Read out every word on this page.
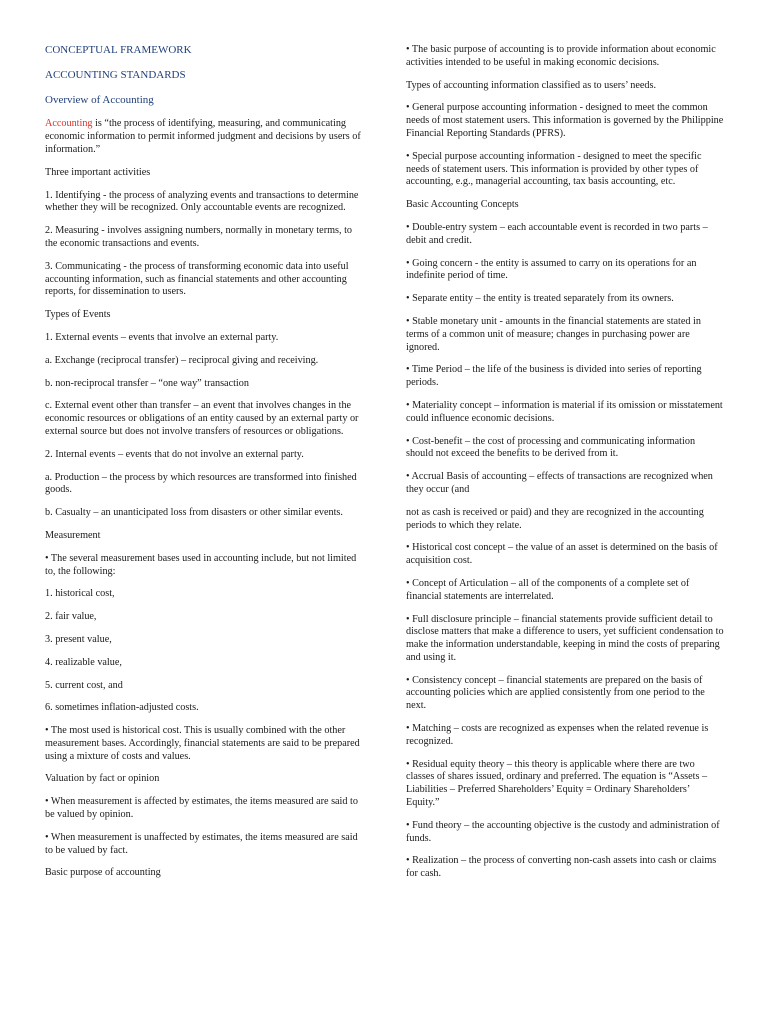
CONCEPTUAL FRAMEWORK

ACCOUNTING STANDARDS

Overview of Accounting

Accounting is “the process of identifying, measuring, and communicating economic information to permit informed judgment and decisions by users of information.”

Three important activities

1. Identifying - the process of analyzing events and transactions to determine whether they will be recognized. Only accountable events are recognized.

2. Measuring - involves assigning numbers, normally in monetary terms, to the economic transactions and events.

3. Communicating - the process of transforming economic data into useful accounting information, such as financial statements and other accounting reports, for dissemination to users.

Types of Events

1. External events – events that involve an external party.

a. Exchange (reciprocal transfer) – reciprocal giving and receiving.

b. non-reciprocal transfer – “one way” transaction

c. External event other than transfer – an event that involves changes in the economic resources or obligations of an entity caused by an external party or external source but does not involve transfers of resources or obligations.

2. Internal events – events that do not involve an external party.

a. Production – the process by which resources are transformed into finished goods.

b. Casualty – an unanticipated loss from disasters or other similar events.

Measurement

• The several measurement bases used in accounting include, but not limited to, the following:

1. historical cost,

2. fair value,

3. present value,

4. realizable value,

5. current cost, and

6. sometimes inflation-adjusted costs.

• The most used is historical cost. This is usually combined with the other measurement bases. Accordingly, financial statements are said to be prepared using a mixture of costs and values.

Valuation by fact or opinion

• When measurement is affected by estimates, the items measured are said to be valued by opinion.

• When measurement is unaffected by estimates, the items measured are said to be valued by fact.

Basic purpose of accounting

• The basic purpose of accounting is to provide information about economic activities intended to be useful in making economic decisions.

Types of accounting information classified as to users’ needs.

• General purpose accounting information - designed to meet the common needs of most statement users. This information is governed by the Philippine Financial Reporting Standards (PFRS).

• Special purpose accounting information - designed to meet the specific needs of statement users. This information is provided by other types of accounting, e.g., managerial accounting, tax basis accounting, etc.

Basic Accounting Concepts

• Double-entry system – each accountable event is recorded in two parts – debit and credit.

• Going concern - the entity is assumed to carry on its operations for an indefinite period of time.

• Separate entity – the entity is treated separately from its owners.

• Stable monetary unit - amounts in the financial statements are stated in terms of a common unit of measure; changes in purchasing power are ignored.

• Time Period – the life of the business is divided into series of reporting periods.

• Materiality concept – information is material if its omission or misstatement could influence economic decisions.

• Cost-benefit – the cost of processing and communicating information should not exceed the benefits to be derived from it.

• Accrual Basis of accounting – effects of transactions are recognized when they occur (and

not as cash is received or paid) and they are recognized in the accounting periods to which they relate.

• Historical cost concept – the value of an asset is determined on the basis of acquisition cost.

• Concept of Articulation – all of the components of a complete set of financial statements are interrelated.

• Full disclosure principle – financial statements provide sufficient detail to disclose matters that make a difference to users, yet sufficient condensation to make the information understandable, keeping in mind the costs of preparing and using it.

• Consistency concept – financial statements are prepared on the basis of accounting policies which are applied consistently from one period to the next.

• Matching – costs are recognized as expenses when the related revenue is recognized.

• Residual equity theory – this theory is applicable where there are two classes of shares issued, ordinary and preferred. The equation is “Assets – Liabilities – Preferred Shareholders’ Equity = Ordinary Shareholders’ Equity.”

• Fund theory – the accounting objective is the custody and administration of funds.

• Realization – the process of converting non-cash assets into cash or claims for cash.
